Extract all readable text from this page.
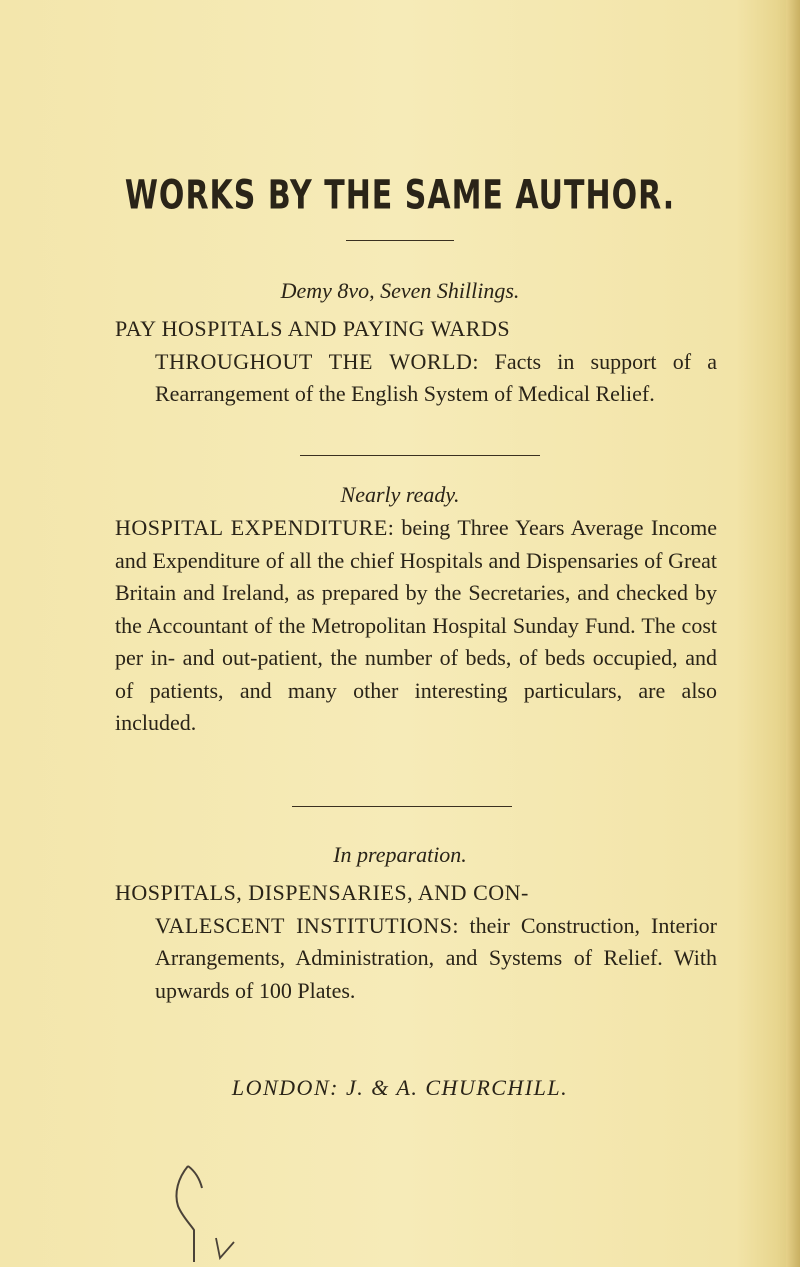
WORKS BY THE SAME AUTHOR.
Demy 8vo, Seven Shillings.
PAY HOSPITALS AND PAYING WARDS
THROUGHOUT THE WORLD: Facts in support of a Rearrangement of the English System of Medical Relief.
Nearly ready.
HOSPITAL EXPENDITURE: being Three Years Average Income and Expenditure of all the chief Hospitals and Dispensaries of Great Britain and Ireland, as prepared by the Secretaries, and checked by the Accountant of the Metropolitan Hospital Sunday Fund. The cost per in- and out-patient, the number of beds, of beds occupied, and of patients, and many other interesting particulars, are also included.
In preparation.
HOSPITALS, DISPENSARIES, AND CON-
VALESCENT INSTITUTIONS: their Construction, Interior Arrangements, Administration, and Systems of Relief. With upwards of 100 Plates.
LONDON: J. & A. CHURCHILL.
